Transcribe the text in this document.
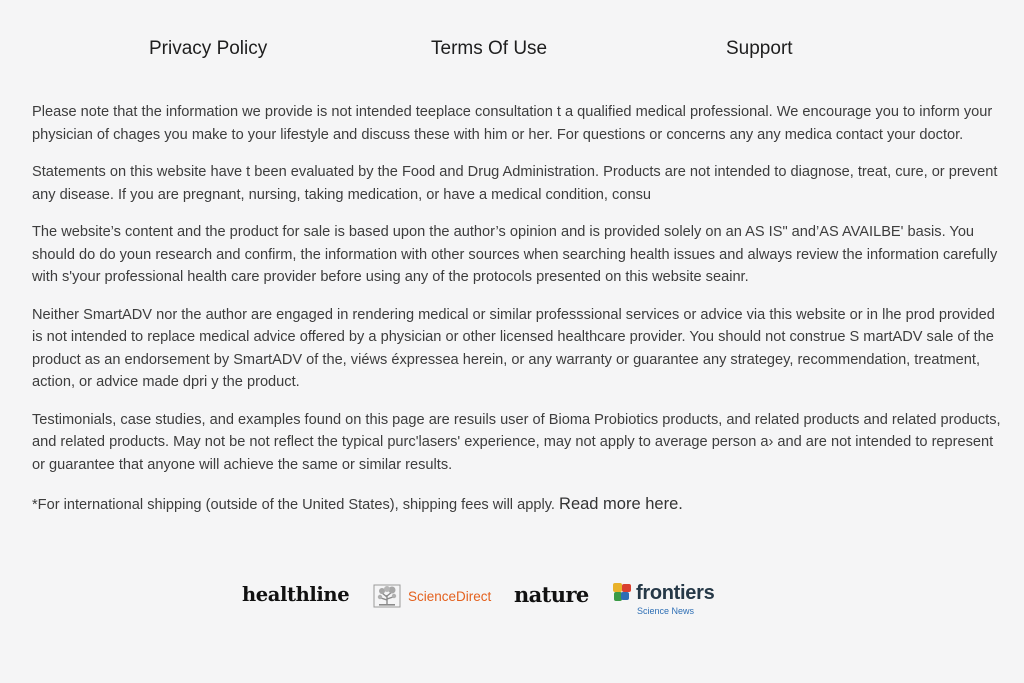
Privacy Policy	Terms Of Use	Support

Please note that the information we provide is not intended teeplace consultation t a qualified medical professional. We encourage you to inform your physician of chages you make to your lifestyle and discuss these with him or her. For questions or concerns any any medica contact your doctor.

Statements on this website have t been evaluated by the Food and Drug Administration. Products are not intended to diagnose, treat, cure, or prevent any disease. If you are pregnant, nursing, taking medication, or have a medical condition, consu

The website’s content and the product for sale is based upon the author’s opinion and is provided solely on an AS IS" and’AS AVAILBE' basis. You should do do youn research and confirm, the information with other sources when searching health issues and always review the information carefully with s'your professional health care provider before using any of the protocols presented on this website seainr.

Neither SmartADV nor the author are engaged in rendering medical or similar professsional services or advice via this website or in lhe prod provided is not intended to replace medical advice offered by a physician or other licensed healthcare provider. You should not construe S martADV sale of the product as an endorsement by SmartADV of the, viéws éxpressea herein, or any warranty or guarantee any strategey, recommendation, treatment, action, or advice made dpri y the product.

Testimonials, case studies, and examples found on this page are resuils user of Bioma Probiotics products, and related products and related products, and related products. May not be not reflect the typical purc'lasers' experience, may not apply to average person a› and are not intended to represent or guarantee that anyone will achieve the same or similar results.

*For international shipping (outside of the United States), shipping fees will apply. Read more here.

healthline	ScienceDirect nature frontiers
Science News
